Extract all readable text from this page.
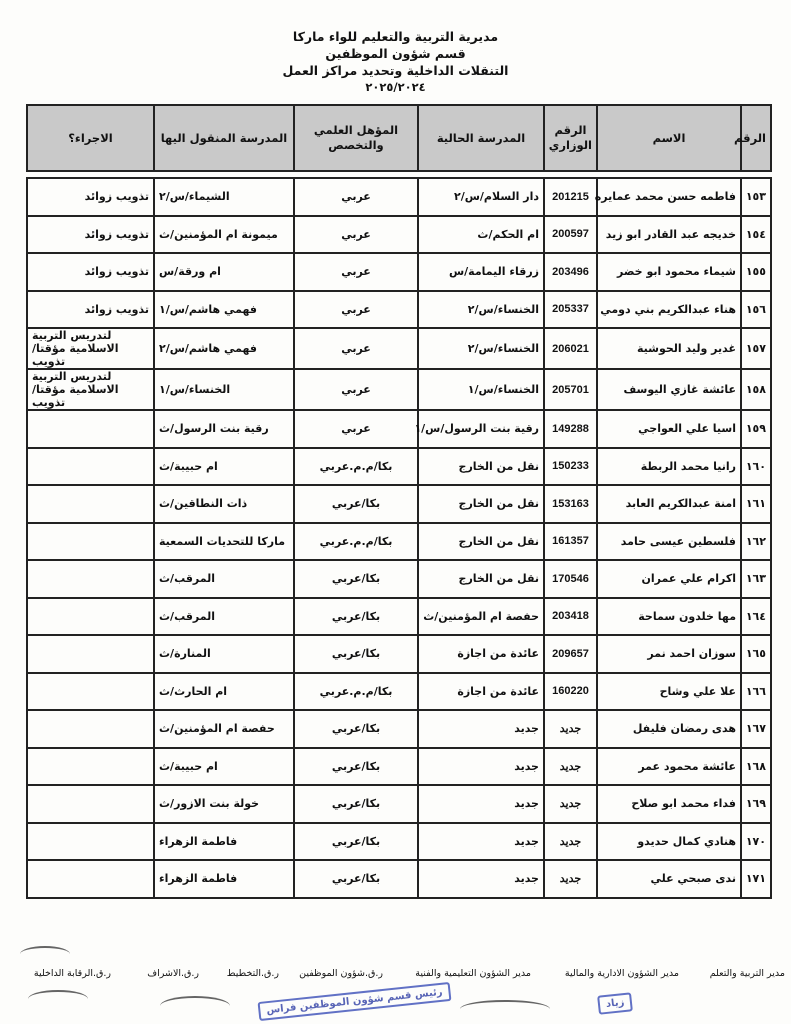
مديرية التربية والتعليم للواء ماركا
قسم شؤون الموظفين
التنقلات الداخلية وتحديد مراكز العمل
٢٠٢٥/٢٠٢٤
الرقم	الاسم	الرقم الوزاري	المدرسة الحالية	المؤهل العلمي والتخصص	المدرسة المنقول اليها	الاجراء؟

١٥٣	فاطمه حسن محمد عمايره	201215	دار السلام/س/٢	عربي	الشيماء/س/٢	تذويب زوائد
١٥٤	خديجه عبد القادر ابو زيد	200597	ام الحكم/ث	عربي	ميمونة ام المؤمنين/ث	تذويب زوائد
١٥٥	شيماء محمود ابو خضر	203496	زرقاء اليمامة/س	عربي	ام ورقة/س	تذويب زوائد
١٥٦	هناء عبدالكريم بني دومي	205337	الخنساء/س/٢	عربي	فهمي هاشم/س/١	تذويب زوائد
١٥٧	غدير وليد الحوشية	206021	الخنساء/س/٢	عربي	فهمي هاشم/س/٢	لتدريس التربية الاسلامية مؤقتا/تذويب
١٥٨	عائشة غازي اليوسف	205701	الخنساء/س/١	عربي	الخنساء/س/١	لتدريس التربية الاسلامية مؤقتا/تذويب
١٥٩	اسيا علي العواجي	149288	رقية بنت الرسول/س/١	عربي	رقية بنت الرسول/ث	
١٦٠	رانيا محمد الربطة	150233	نقل من الخارج	بكا/م.م.عربي	ام حبيبة/ث	
١٦١	امنة عبدالكريم العابد	153163	نقل من الخارج	بكا/عربي	ذات النطاقين/ث	
١٦٢	فلسطين عيسى حامد	161357	نقل من الخارج	بكا/م.م.عربي	ماركا للتحديات السمعية	
١٦٣	اكرام علي عمران	170546	نقل من الخارج	بكا/عربي	المرقب/ث	
١٦٤	مها خلدون سماحة	203418	حفصة ام المؤمنين/ث	بكا/عربي	المرقب/ث	
١٦٥	سوزان احمد نمر	209657	عائدة من اجازة	بكا/عربي	المنارة/ث	
١٦٦	علا علي وشاح	160220	عائدة من اجازة	بكا/م.م.عربي	ام الحارث/ث	
١٦٧	هدى رمضان فليفل	جديد	جديد	بكا/عربي	حفصة ام المؤمنين/ث	
١٦٨	عائشة محمود عمر	جديد	جديد	بكا/عربي	ام حبيبة/ث	
١٦٩	فداء محمد ابو صلاح	جديد	جديد	بكا/عربي	خولة بنت الازور/ث	
١٧٠	هنادي كمال حديدو	جديد	جديد	بكا/عربي	فاطمة الزهراء	
١٧١	ندى صبحي علي	جديد	جديد	بكا/عربي	فاطمة الزهراء	
مدير التربية والتعلم
مدير الشؤون الادارية والمالية
مدير الشؤون التعليمية والفنية
ر.ق.شؤون الموظفين
ر.ق.التخطيط
ر.ق.الاشراف
ر.ق.الرقابة الداخلية
رئيس قسم شؤون الموظفين فراس	زياد
